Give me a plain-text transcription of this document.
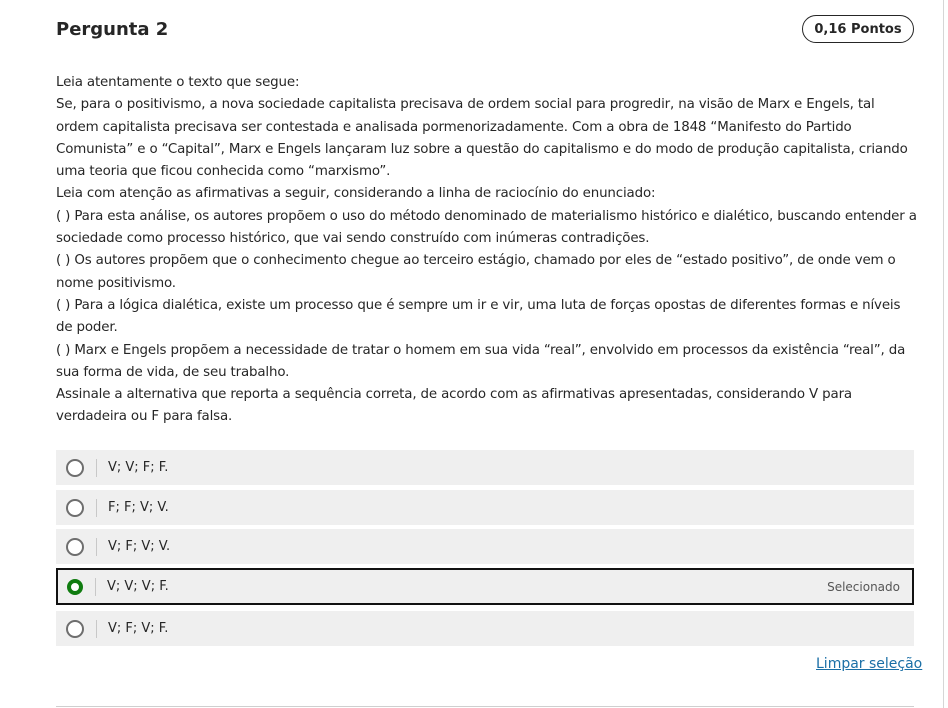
Pergunta 2	0,16 Pontos

Leia atentamente o texto que segue:

Se, para o positivismo, a nova sociedade capitalista precisava de ordem social para progredir, na visão de Marx e Engels, tal ordem capitalista precisava ser contestada e analisada pormenorizadamente. Com a obra de 1848 “Manifesto do Partido Comunista” e o “Capital”, Marx e Engels lançaram luz sobre a questão do capitalismo e do modo de produção capitalista, criando uma teoria que ficou conhecida como “marxismo”.

Leia com atenção as afirmativas a seguir, considerando a linha de raciocínio do enunciado:

( ) Para esta análise, os autores propõem o uso do método denominado de materialismo histórico e dialético, buscando entender a sociedade como processo histórico, que vai sendo construído com inúmeras contradições.

( ) Os autores propõem que o conhecimento chegue ao terceiro estágio, chamado por eles de “estado positivo”, de onde vem o nome positivismo.

( ) Para a lógica dialética, existe um processo que é sempre um ir e vir, uma luta de forças opostas de diferentes formas e níveis de poder.

( ) Marx e Engels propõem a necessidade de tratar o homem em sua vida “real”, envolvido em processos da existência “real”, da sua forma de vida, de seu trabalho.

Assinale a alternativa que reporta a sequência correta, de acordo com as afirmativas apresentadas, considerando V para verdadeira ou F para falsa.

V; V; F; F.
F; F; V; V.
V; F; V; V.
V; V; V; F.	Selecionado
V; F; V; F.
Limpar seleção
